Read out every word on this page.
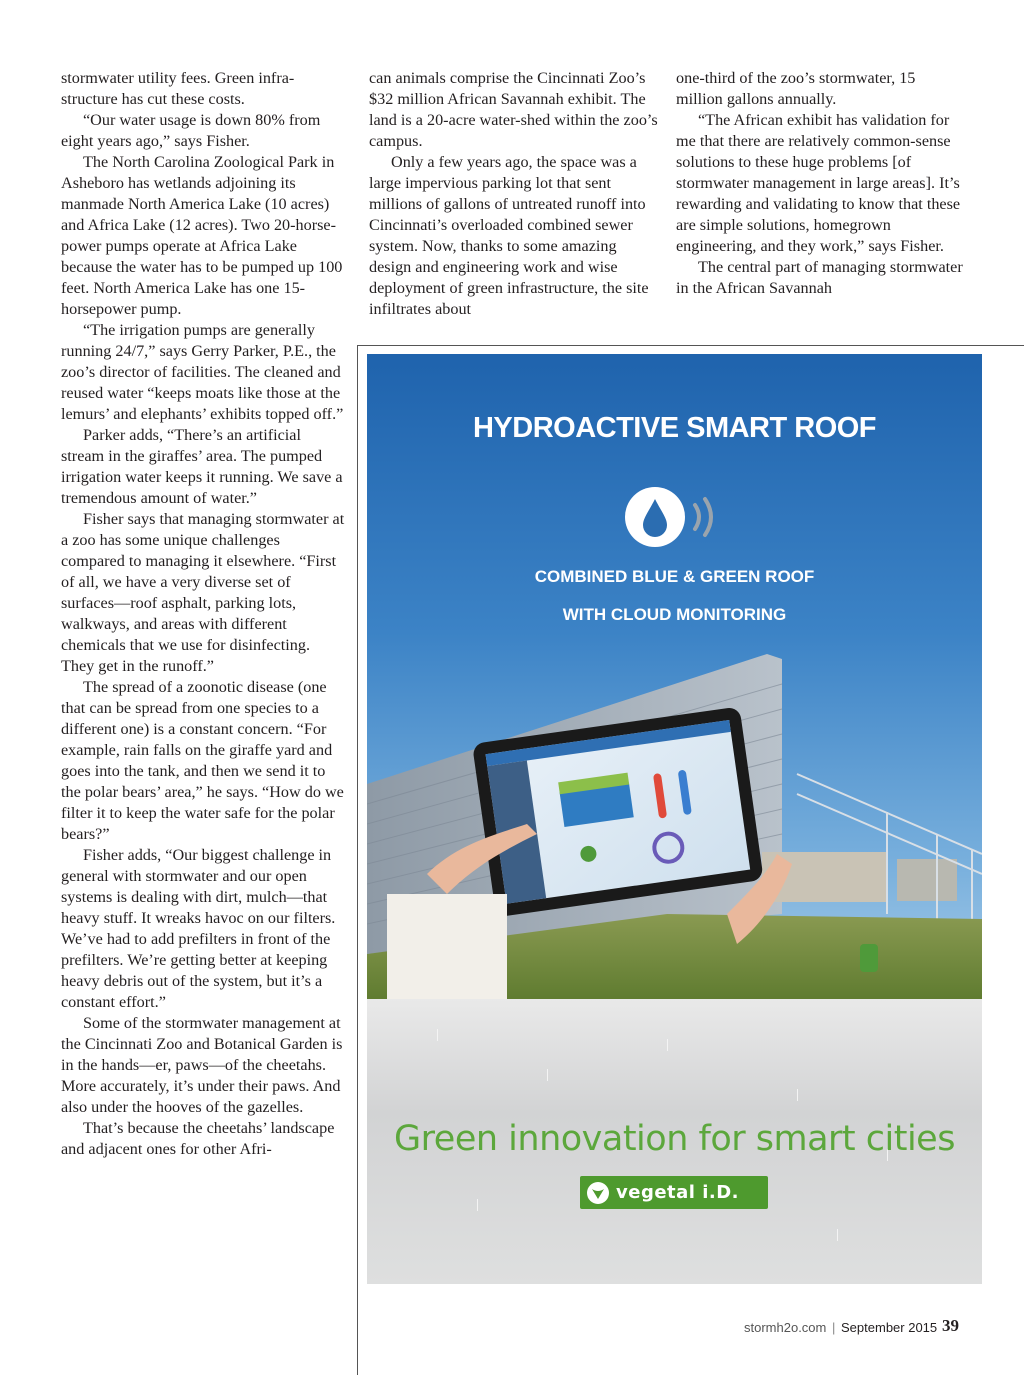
stormwater utility fees. Green infra-structure has cut these costs.

“Our water usage is down 80% from eight years ago,” says Fisher.

The North Carolina Zoological Park in Asheboro has wetlands adjoining its manmade North America Lake (10 acres) and Africa Lake (12 acres). Two 20-horse-power pumps operate at Africa Lake because the water has to be pumped up 100 feet. North America Lake has one 15-horsepower pump.

“The irrigation pumps are generally running 24/7,” says Gerry Parker, P.E., the zoo’s director of facilities. The cleaned and reused water “keeps moats like those at the lemurs’ and elephants’ exhibits topped off.”

Parker adds, “There’s an artificial stream in the giraffes’ area. The pumped irrigation water keeps it running. We save a tremendous amount of water.”

Fisher says that managing stormwater at a zoo has some unique challenges compared to managing it elsewhere. “First of all, we have a very diverse set of surfaces—roof asphalt, parking lots, walkways, and areas with different chemicals that we use for disinfecting. They get in the runoff.”

The spread of a zoonotic disease (one that can be spread from one species to a different one) is a constant concern. “For example, rain falls on the giraffe yard and goes into the tank, and then we send it to the polar bears’ area,” he says. “How do we filter it to keep the water safe for the polar bears?”

Fisher adds, “Our biggest challenge in general with stormwater and our open systems is dealing with dirt, mulch—that heavy stuff. It wreaks havoc on our filters. We’ve had to add prefilters in front of the prefilters. We’re getting better at keeping heavy debris out of the system, but it’s a constant effort.”

Some of the stormwater management at the Cincinnati Zoo and Botanical Garden is in the hands—er, paws—of the cheetahs. More accurately, it’s under their paws. And also under the hooves of the gazelles.

That’s because the cheetahs’ landscape and adjacent ones for other Afri-

can animals comprise the Cincinnati Zoo’s $32 million African Savannah exhibit. The land is a 20-acre water-shed within the zoo’s campus.

Only a few years ago, the space was a large impervious parking lot that sent millions of gallons of untreated runoff into Cincinnati’s overloaded combined sewer system. Now, thanks to some amazing design and engineering work and wise deployment of green infrastructure, the site infiltrates about

one-third of the zoo’s stormwater, 15 million gallons annually.

“The African exhibit has validation for me that there are relatively common-sense solutions to these huge problems [of stormwater management in large areas]. It’s rewarding and validating to know that these are simple solutions, homegrown engineering, and they work,” says Fisher.

The central part of managing stormwater in the African Savannah

HYDROACTIVE SMART ROOF
COMBINED BLUE & GREEN ROOF
WITH CLOUD MONITORING
Green innovation for smart cities
vegetal i.D.
stormh2o.com | September 2015 39
